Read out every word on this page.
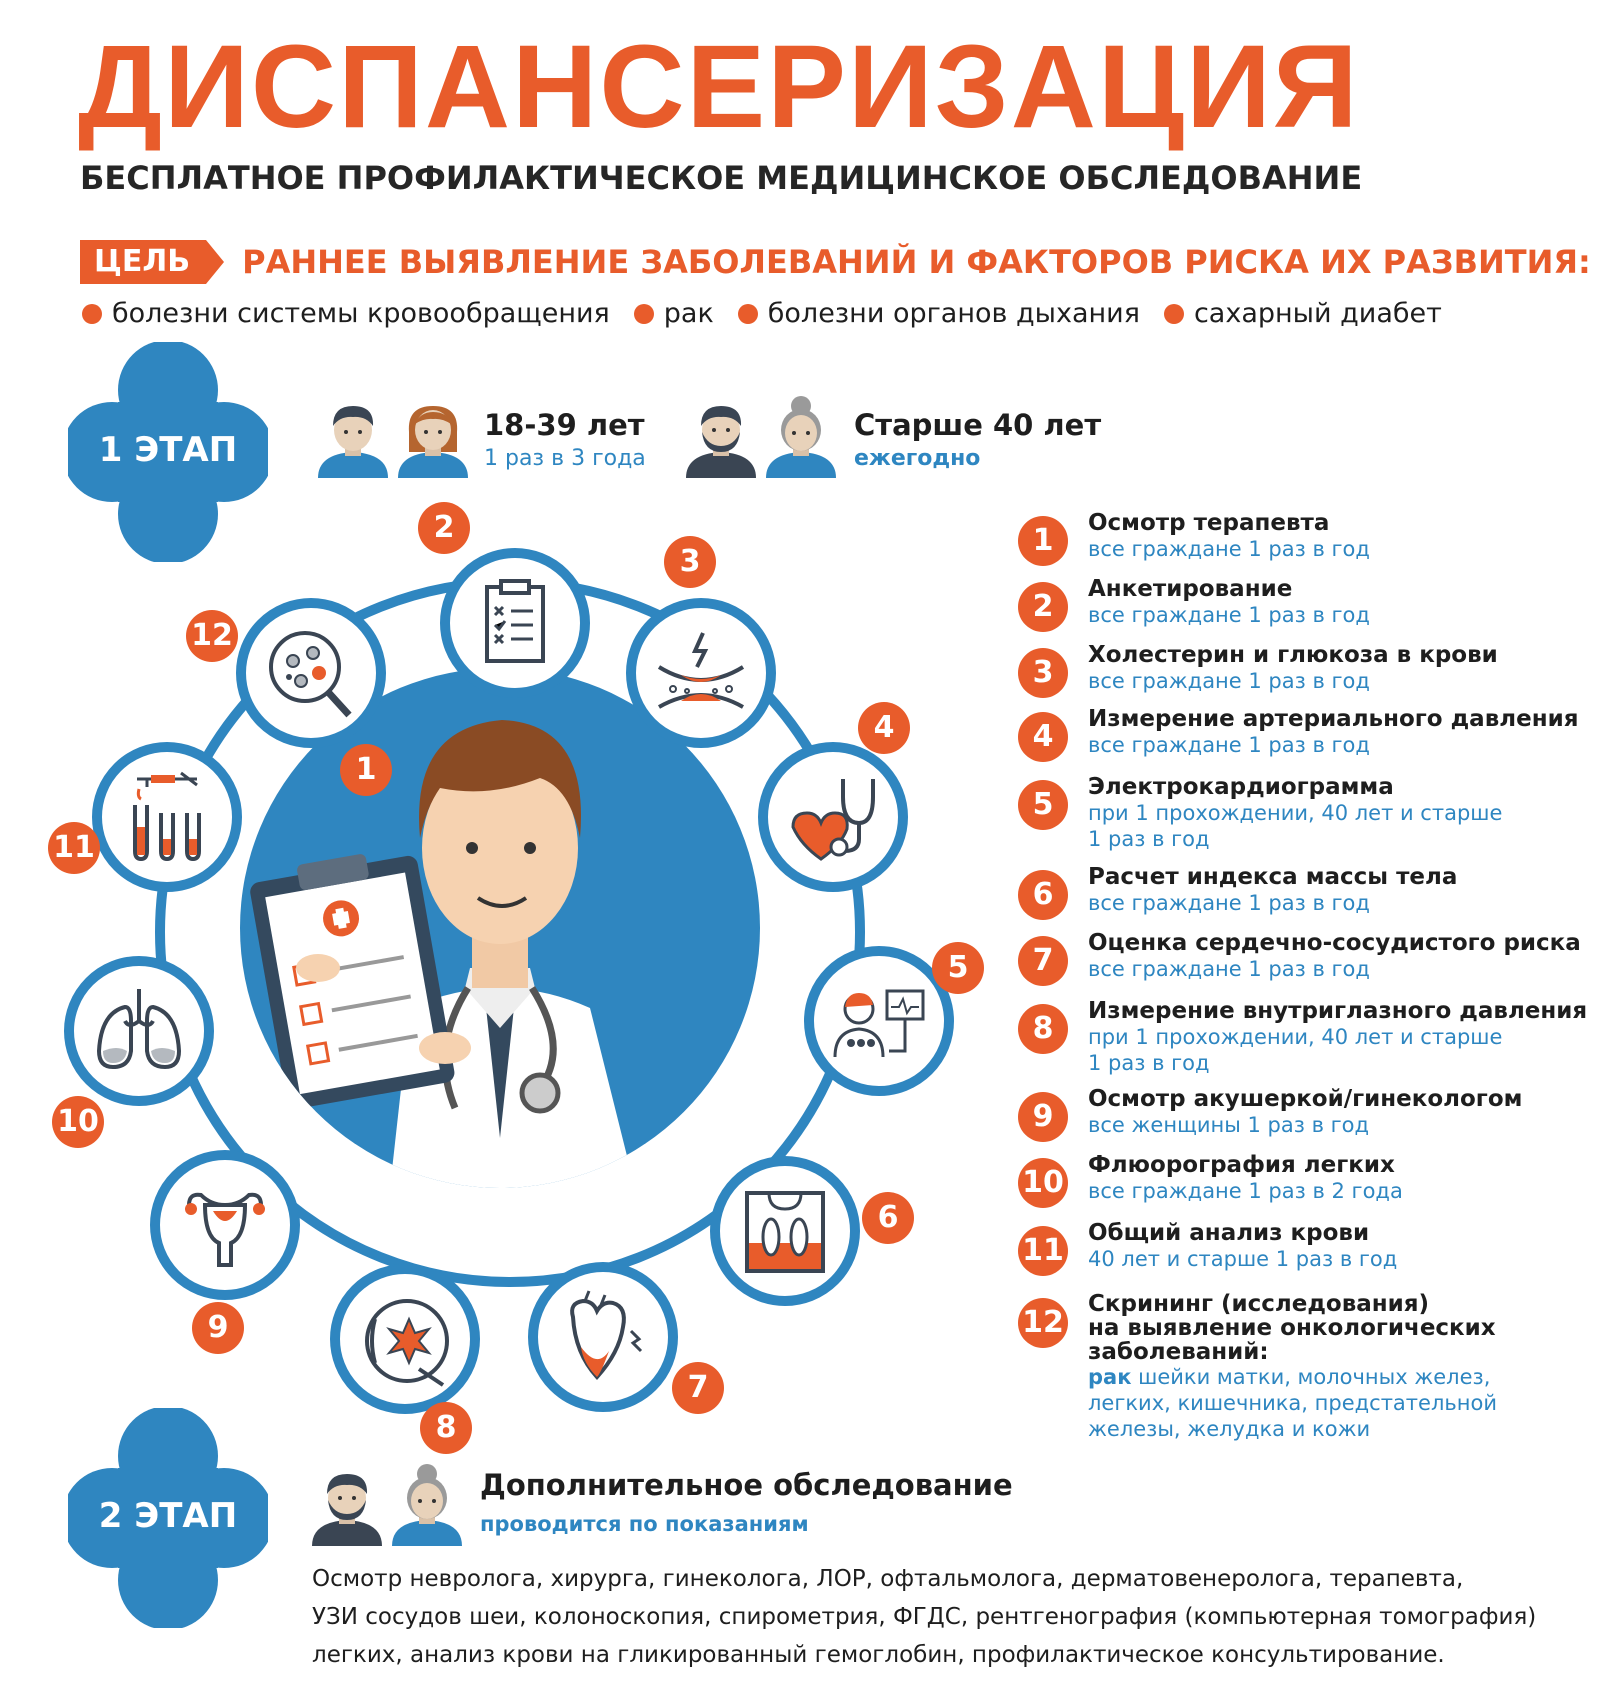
ДИСПАНСЕРИЗАЦИЯ
БЕСПЛАТНОЕ ПРОФИЛАКТИЧЕСКОЕ МЕДИЦИНСКОЕ ОБСЛЕДОВАНИЕ
ЦЕЛЬ	РАННЕЕ ВЫЯВЛЕНИЕ ЗАБОЛЕВАНИЙ И ФАКТОРОВ РИСКА ИХ РАЗВИТИЯ:
болезни системы кровообращения рак болезни органов дыхания сахарный диабет
1 ЭТАП
18-39 лет
1 раз в 3 года
Старше 40 лет
ежегодно
1
2
3
4
5
6
7
8
9
10
11
12
1	Осмотр терапевта
все граждане 1 раз в год
2	Анкетирование
все граждане 1 раз в год
3	Холестерин и глюкоза в крови
все граждане 1 раз в год
4	Измерение артериального давления
все граждане 1 раз в год
5	Электрокардиограмма
при 1 прохождении, 40 лет и старше
1 раз в год
6	Расчет индекса массы тела
все граждане 1 раз в год
7	Оценка сердечно-сосудистого риска
все граждане 1 раз в год
8	Измерение внутриглазного давления
при 1 прохождении, 40 лет и старше
1 раз в год
9	Осмотр акушеркой/гинекологом
все женщины 1 раз в год
10 Флюорография легких
все граждане 1 раз в 2 года
11 Общий анализ крови
40 лет и старше 1 раз в год
12
Скрининг (исследования)
на выявление онкологических
заболеваний:
рак шейки матки, молочных желез,
легких, кишечника, предстательной
железы, желудка и кожи
2 ЭТАП
Дополнительное обследование
проводится по показаниям
Осмотр невролога, хирурга, гинеколога, ЛОР, офтальмолога, дерматовенеролога, терапевта,
УЗИ сосудов шеи, колоноскопия, спирометрия, ФГДС, рентгенография (компьютерная томография)
легких, анализ крови на гликированный гемоглобин, профилактическое консультирование.
